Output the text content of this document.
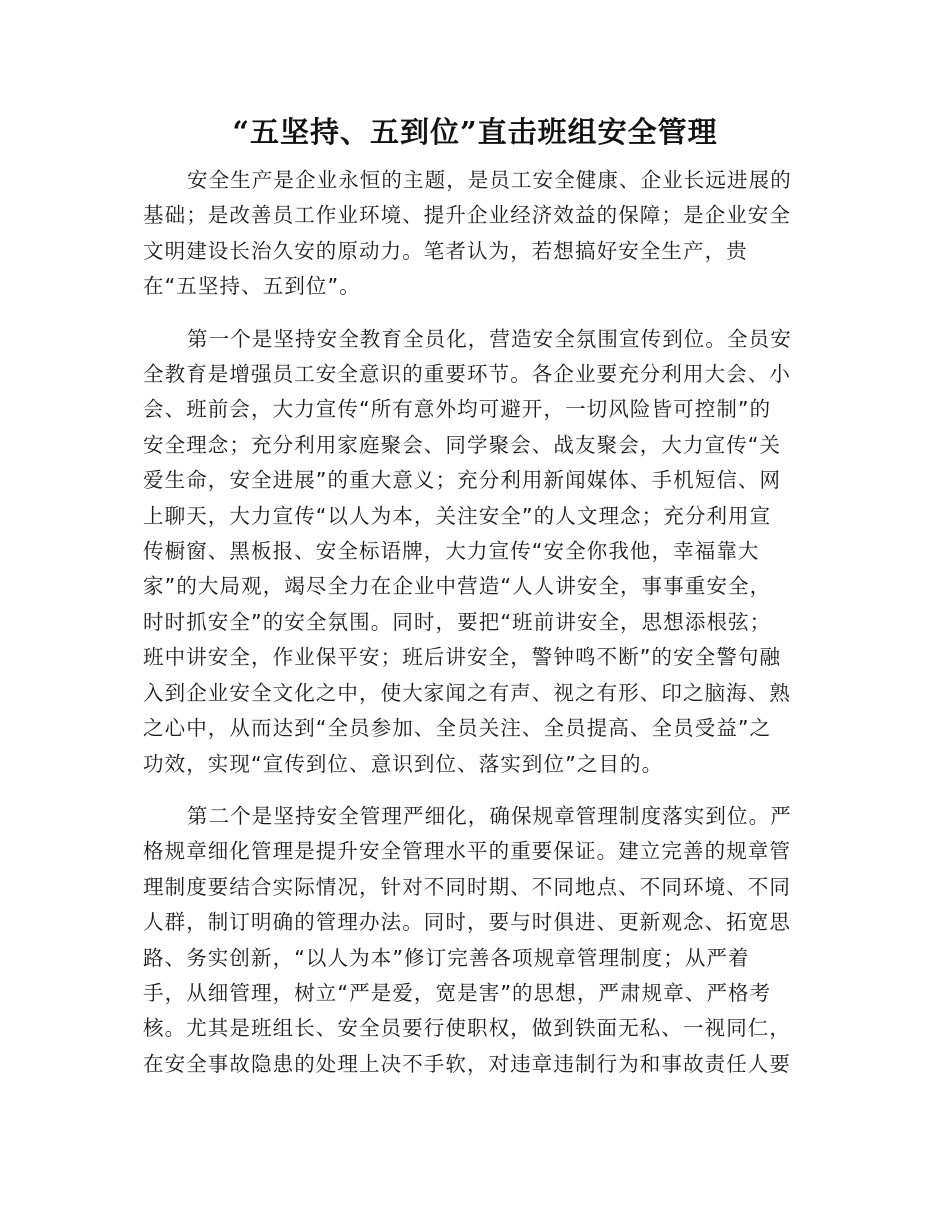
“五坚持、五到位”直击班组安全管理
安全生产是企业永恒的主题，是员工安全健康、企业长远进展的
基础；是改善员工作业环境、提升企业经济效益的保障；是企业安全
文明建设长治久安的原动力。笔者认为，若想搞好安全生产，贵
在“五坚持、五到位”。
第一个是坚持安全教育全员化，营造安全氛围宣传到位。全员安
全教育是增强员工安全意识的重要环节。各企业要充分利用大会、小
会、班前会，大力宣传“所有意外均可避开，一切风险皆可控制”的
安全理念；充分利用家庭聚会、同学聚会、战友聚会，大力宣传“关
爱生命，安全进展”的重大意义；充分利用新闻媒体、手机短信、网
上聊天，大力宣传“以人为本，关注安全”的人文理念；充分利用宣
传橱窗、黑板报、安全标语牌，大力宣传“安全你我他，幸福靠大
家”的大局观，竭尽全力在企业中营造“人人讲安全，事事重安全，
时时抓安全”的安全氛围。同时，要把“班前讲安全，思想添根弦；
班中讲安全，作业保平安；班后讲安全，警钟鸣不断”的安全警句融
入到企业安全文化之中，使大家闻之有声、视之有形、印之脑海、熟
之心中，从而达到“全员参加、全员关注、全员提高、全员受益”之
功效，实现“宣传到位、意识到位、落实到位”之目的。
第二个是坚持安全管理严细化，确保规章管理制度落实到位。严
格规章细化管理是提升安全管理水平的重要保证。建立完善的规章管
理制度要结合实际情况，针对不同时期、不同地点、不同环境、不同
人群，制订明确的管理办法。同时，要与时俱进、更新观念、拓宽思
路、务实创新，“以人为本”修订完善各项规章管理制度；从严着
手，从细管理，树立“严是爱，宽是害”的思想，严肃规章、严格考
核。尤其是班组长、安全员要行使职权，做到铁面无私、一视同仁，
在安全事故隐患的处理上决不手软，对违章违制行为和事故责任人要
